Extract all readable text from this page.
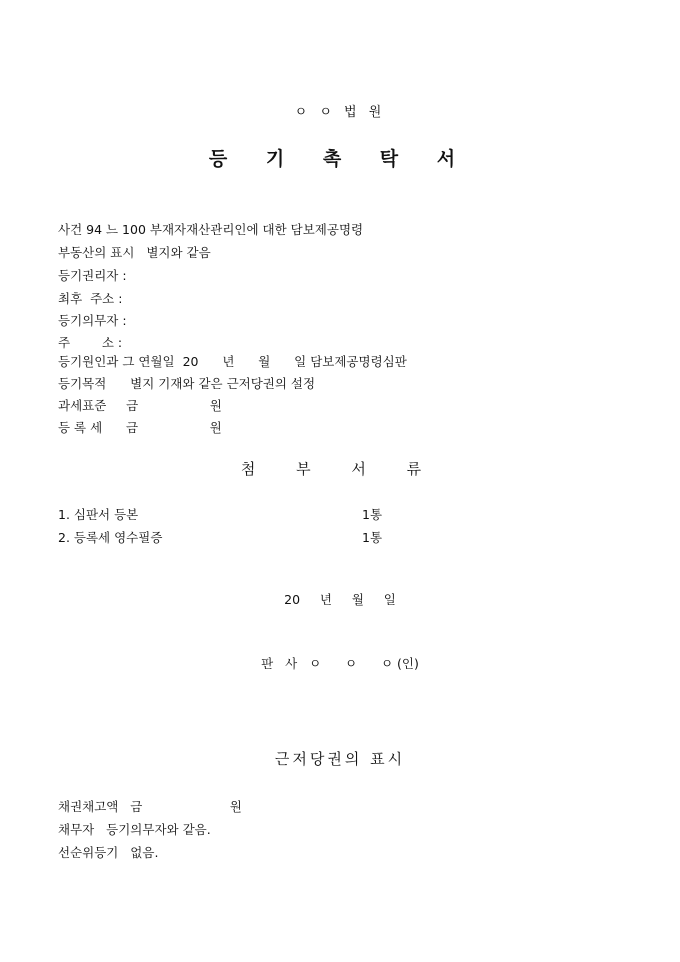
ㅇ ㅇ 법 원
등 기 촉 탁 서
사건 94 느 100 부재자재산관리인에 대한 담보제공명령
부동산의 표시   별지와 같음
등기권리자 :
최후  주소 :
등기의무자 :
주        소 :
등기원인과 그 연월일  20      년      월      일 담보제공명령심판
등기목적      별지 기재와 같은 근저당권의 설정
과세표준     금                  원
등 록 세      금                  원
첨 부 서 류
1. 심판서 등본	1통
2. 등록세 영수필증	1통
20     년     월     일
판   사   ㅇ      ㅇ      ㅇ (인)
근저당권의 표시
채권채고액   금                      원
채무자   등기의무자와 같음.
선순위등기   없음.
